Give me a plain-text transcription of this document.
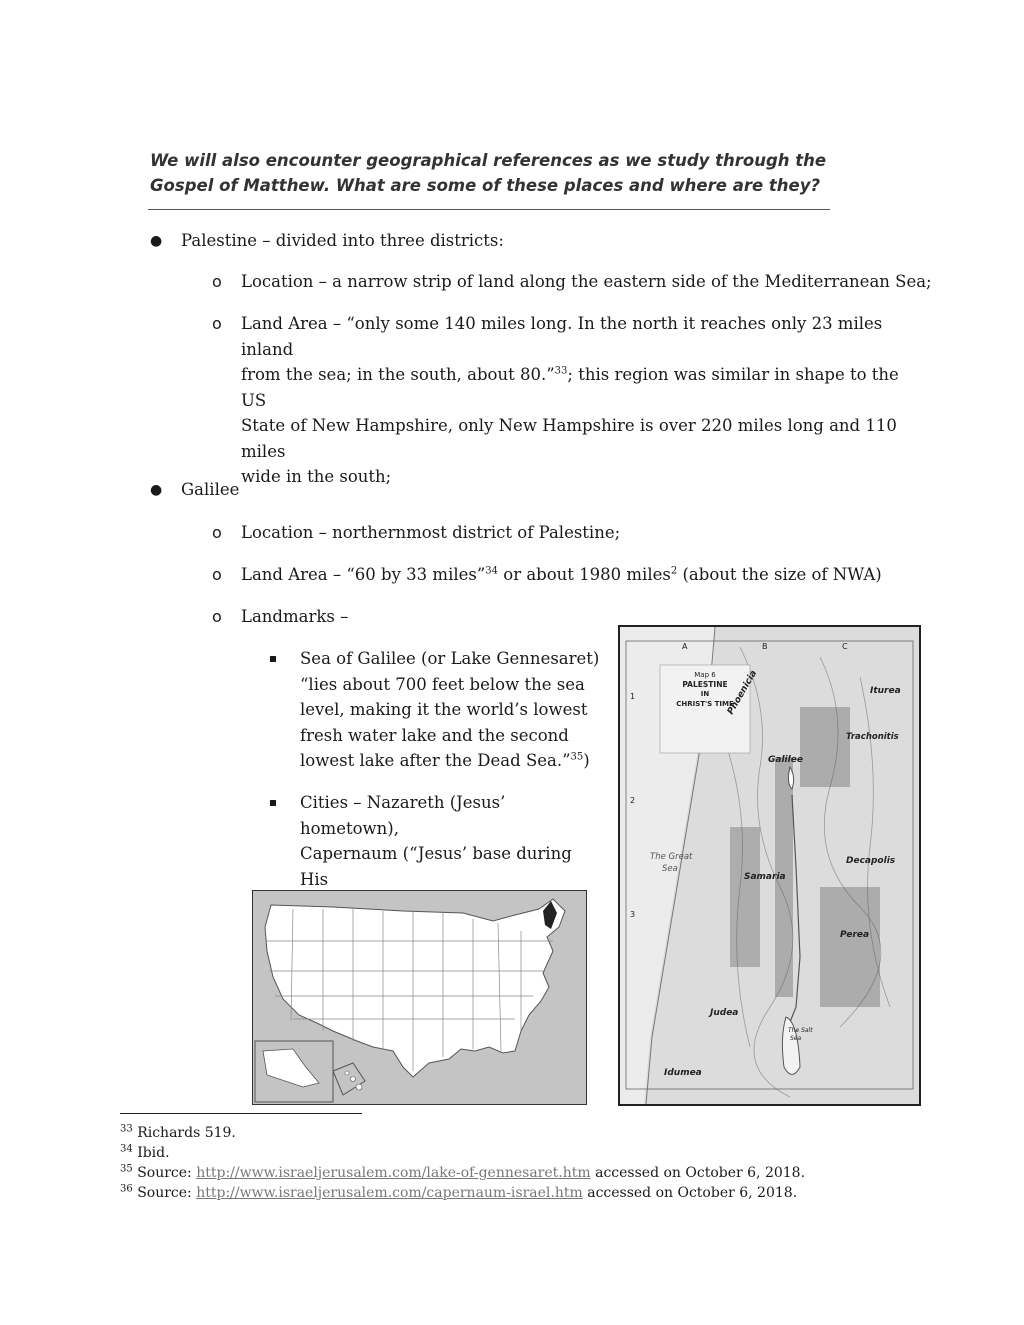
We will also encounter geographical references as we study through the
Gospel of Matthew. What are some of these places and where are they?
● Palestine – divided into three districts:
o Location – a narrow strip of land along the eastern side of the Mediterranean Sea;
o Land Area – “only some 140 miles long. In the north it reaches only 23 miles inland
from the sea; in the south, about 80.”$^{33}$; this region was similar in shape to the US
State of New Hampshire, only New Hampshire is over 220 miles long and 110 miles
wide in the south;
● Galilee
o Location – northernmost district of Palestine;
o Land Area – “60 by 33 miles”$^{34}$ or about 1980 miles$^2$ (about the size of NWA)
o Landmarks –
Sea of Galilee (or Lake Gennesaret)
“lies about 700 feet below the sea
level, making it the world’s lowest
fresh water lake and the second
lowest lake after the Dead Sea.”$^{35}$)
Cities – Nazareth (Jesus’ hometown),
Capernaum (“Jesus’ base during His
Map 6
PALESTINE
IN
CHRIST'S TIME
Phoenicia	Iturea
Trachonitis
Galilee
The Great
Sea
Samaria
Decapolis
Perea
Judea
Idumea
The Salt
Sea
A	B	C
1
2
3
$^{33}$ Richards 519.
$^{34}$ Ibid.
$^{35}$ Source: http://www.israeljerusalem.com/lake-of-gennesaret.htm accessed on October 6, 2018.
$^{36}$ Source: http://www.israeljerusalem.com/capernaum-israel.htm accessed on October 6, 2018.
